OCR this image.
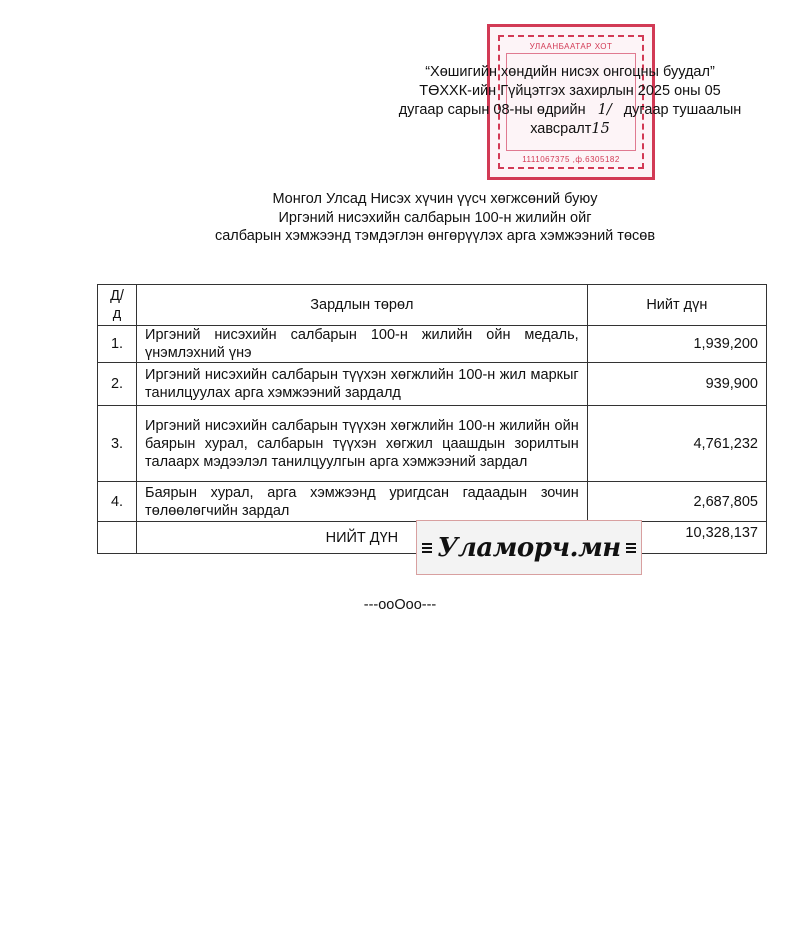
УЛААНБААТАР ХОТ
1111067375 ,ф.6305182
“Хөшигийн хөндийн нисэх онгоцны буудал”
ТӨХХК-ийн Гүйцэтгэх захирлын 2025 оны 05
дугаар сарын 08-ны өдрийн 1/ дугаар тушаалын
хавсралт15
Монгол Улсад Нисэх хүчин үүсч хөгжсөний буюу
Иргэний нисэхийн салбарын 100-н жилийн ойг
салбарын хэмжээнд тэмдэглэн өнгөрүүлэх арга хэмжээний төсөв
Д/д	Зардлын төрөл	Нийт дүн
1.	Иргэний нисэхийн салбарын 100-н жилийн ойн медаль, үнэмлэхний үнэ	1,939,200
2.	Иргэний нисэхийн салбарын түүхэн хөгжлийн 100-н жил маркыг танилцуулах арга хэмжээний зардалд	939,900
3.	Иргэний нисэхийн салбарын түүхэн хөгжлийн 100-н жилийн ойн баярын хурал, салбарын түүхэн хөгжил цаашдын зорилтын талаарх мэдээлэл танилцуулгын арга хэмжээний зардал	4,761,232
4.	Баярын хурал, арга хэмжээнд уригдсан гадаадын зочин төлөөлөгчийн зардал	2,687,805
	НИЙТ ДҮН	10,328,137
Уламорч.мн
---ooOoo---
